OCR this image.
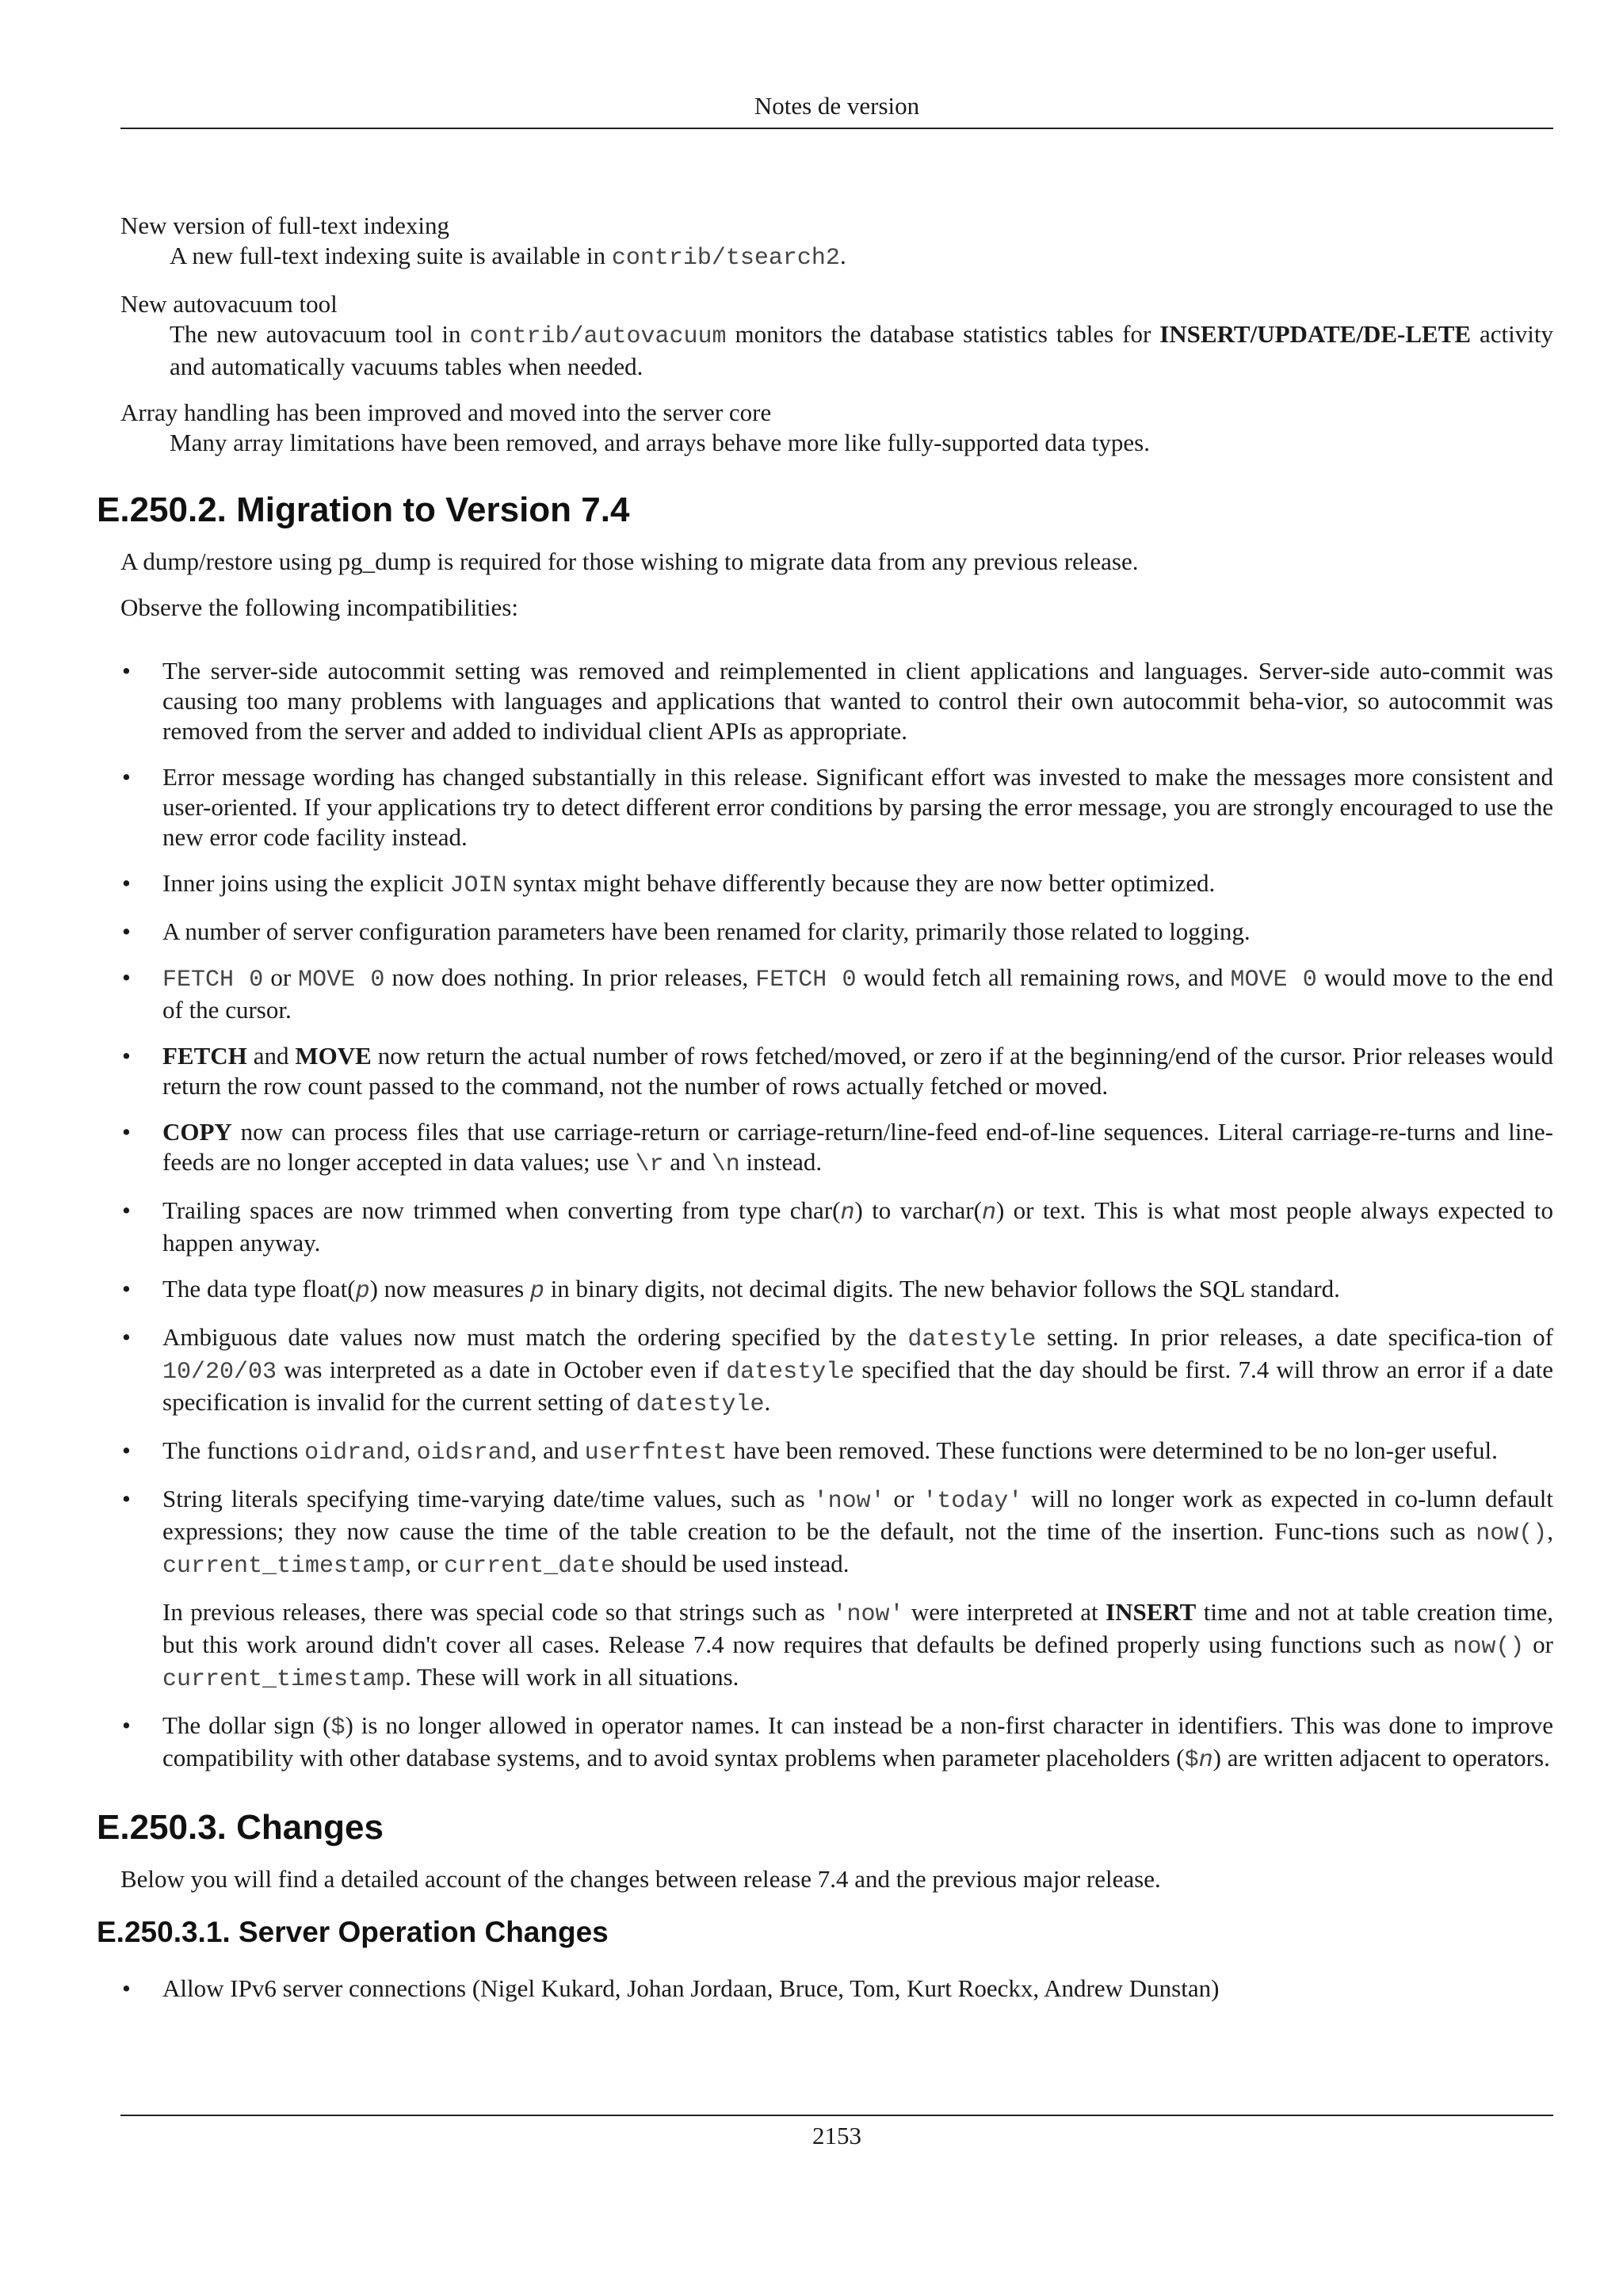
Notes de version
New version of full-text indexing
A new full-text indexing suite is available in contrib/tsearch2.
New autovacuum tool
The new autovacuum tool in contrib/autovacuum monitors the database statistics tables for INSERT/UPDATE/DE-LETE activity and automatically vacuums tables when needed.
Array handling has been improved and moved into the server core
Many array limitations have been removed, and arrays behave more like fully-supported data types.
E.250.2. Migration to Version 7.4

A dump/restore using pg_dump is required for those wishing to migrate data from any previous release.

Observe the following incompatibilities:

• The server-side autocommit setting was removed and reimplemented in client applications and languages. Server-side auto-commit was causing too many problems with languages and applications that wanted to control their own autocommit beha-vior, so autocommit was removed from the server and added to individual client APIs as appropriate.
• Error message wording has changed substantially in this release. Significant effort was invested to make the messages more consistent and user-oriented. If your applications try to detect different error conditions by parsing the error message, you are strongly encouraged to use the new error code facility instead.
• Inner joins using the explicit JOIN syntax might behave differently because they are now better optimized.
• A number of server configuration parameters have been renamed for clarity, primarily those related to logging.
• FETCH 0 or MOVE 0 now does nothing. In prior releases, FETCH 0 would fetch all remaining rows, and MOVE 0 would move to the end of the cursor.
• FETCH and MOVE now return the actual number of rows fetched/moved, or zero if at the beginning/end of the cursor. Prior releases would return the row count passed to the command, not the number of rows actually fetched or moved.
• COPY now can process files that use carriage-return or carriage-return/line-feed end-of-line sequences. Literal carriage-re-turns and line-feeds are no longer accepted in data values; use \r and \n instead.
• Trailing spaces are now trimmed when converting from type char(n) to varchar(n) or text. This is what most people always expected to happen anyway.
• The data type float(p) now measures p in binary digits, not decimal digits. The new behavior follows the SQL standard.
• Ambiguous date values now must match the ordering specified by the datestyle setting. In prior releases, a date specifica-tion of 10/20/03 was interpreted as a date in October even if datestyle specified that the day should be first. 7.4 will throw an error if a date specification is invalid for the current setting of datestyle.
• The functions oidrand, oidsrand, and userfntest have been removed. These functions were determined to be no lon-ger useful.
• String literals specifying time-varying date/time values, such as 'now' or 'today' will no longer work as expected in co-lumn default expressions; they now cause the time of the table creation to be the default, not the time of the insertion. Func-tions such as now(), current_timestamp, or current_date should be used instead.

In previous releases, there was special code so that strings such as 'now' were interpreted at INSERT time and not at table creation time, but this work around didn't cover all cases. Release 7.4 now requires that defaults be defined properly using functions such as now() or current_timestamp. These will work in all situations.

• The dollar sign ($) is no longer allowed in operator names. It can instead be a non-first character in identifiers. This was done to improve compatibility with other database systems, and to avoid syntax problems when parameter placeholders ($n) are written adjacent to operators.
E.250.3. Changes

Below you will find a detailed account of the changes between release 7.4 and the previous major release.

E.250.3.1. Server Operation Changes
• Allow IPv6 server connections (Nigel Kukard, Johan Jordaan, Bruce, Tom, Kurt Roeckx, Andrew Dunstan)
2153
